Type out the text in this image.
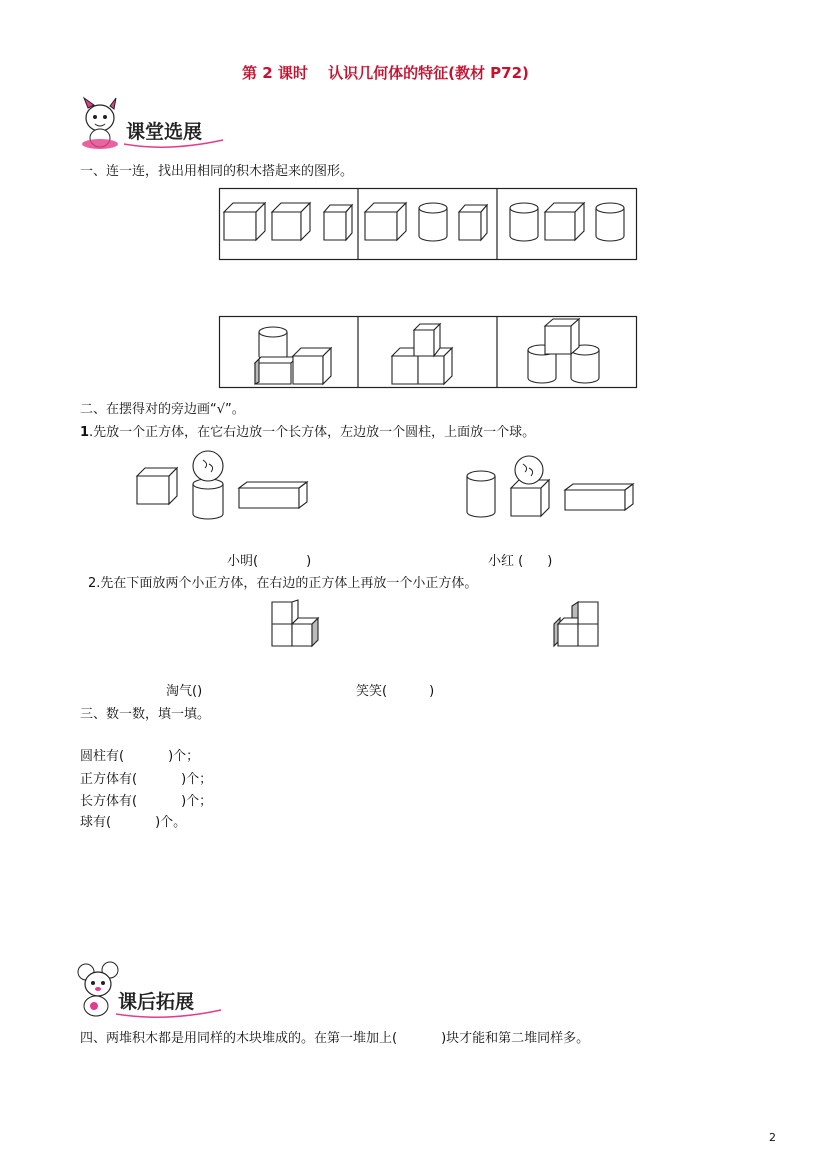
第 2 课时　 认识几何体的特征(教材 P72)
课堂选展
一、连一连，找出用相同的积木搭起来的图形。
二、在摆得对的旁边画“√”。
1.先放一个正方体，在它右边放一个长方体，左边放一个圆柱，上面放一个球。
小明(	)	小红 ( )
2.先在下面放两个小正方体，在右边的正方体上再放一个小正方体。
淘气()	笑笑(	)
三、数一数，填一填。
圆柱有(	)个；
正方体有(	)个；
长方体有(	)个；
球有(	)个。
课后拓展
四、两堆积木都是用同样的木块堆成的。在第一堆加上(	)块才能和第二堆同样多。
2
